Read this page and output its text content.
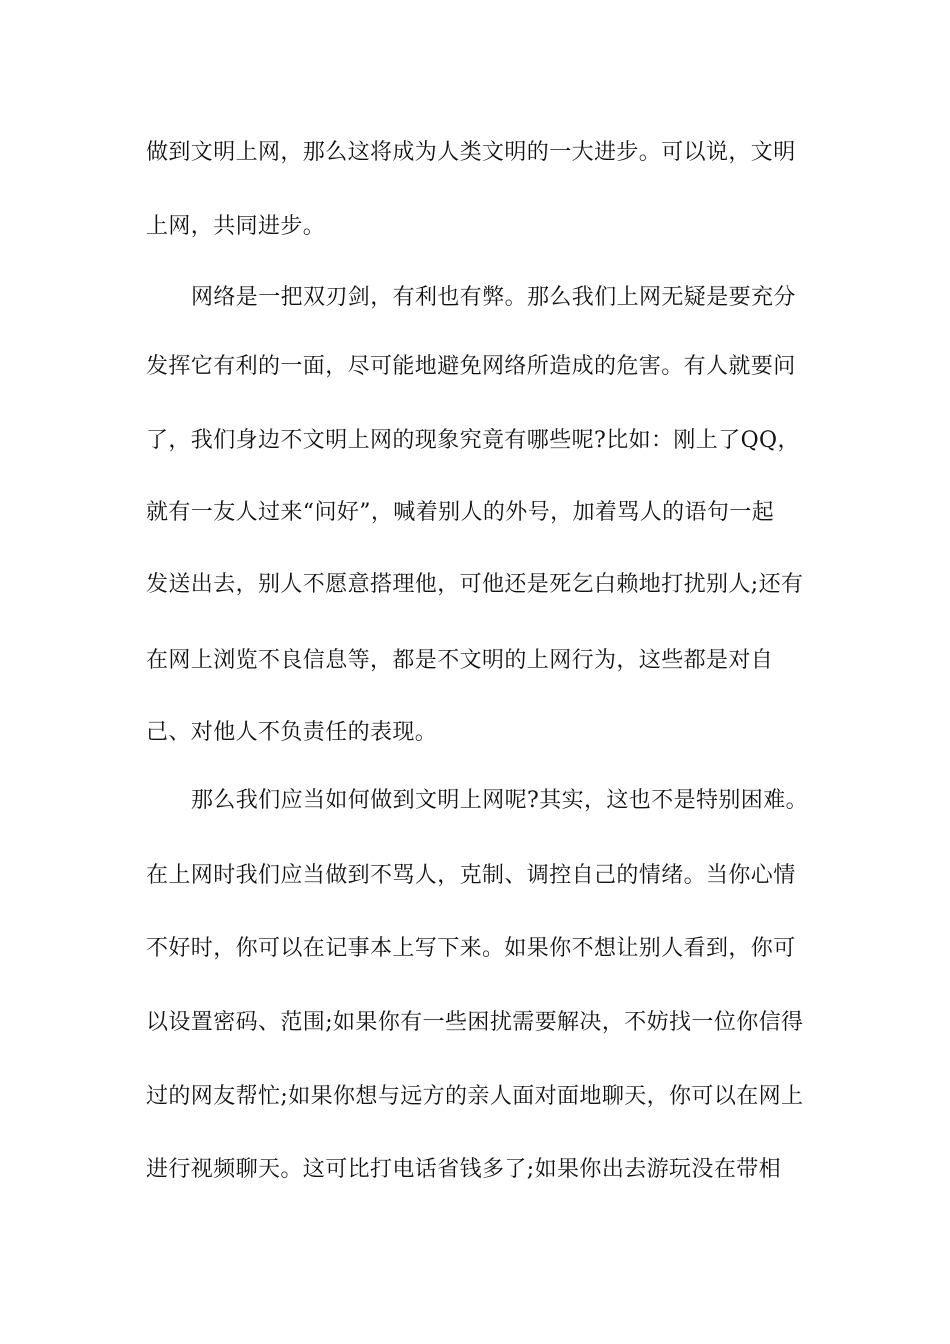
做到文明上网，那么这将成为人类文明的一大进步。可以说，文明

上网，共同进步。

网络是一把双刃剑，有利也有弊。那么我们上网无疑是要充分

发挥它有利的一面，尽可能地避免网络所造成的危害。有人就要问

了，我们身边不文明上网的现象究竟有哪些呢?比如：刚上了QQ，

就有一友人过来“问好”，喊着别人的外号，加着骂人的语句一起

发送出去，别人不愿意搭理他，可他还是死乞白赖地打扰别人;还有

在网上浏览不良信息等，都是不文明的上网行为，这些都是对自

己、对他人不负责任的表现。

那么我们应当如何做到文明上网呢?其实，这也不是特别困难。

在上网时我们应当做到不骂人，克制、调控自己的情绪。当你心情

不好时，你可以在记事本上写下来。如果你不想让别人看到，你可

以设置密码、范围;如果你有一些困扰需要解决，不妨找一位你信得

过的网友帮忙;如果你想与远方的亲人面对面地聊天，你可以在网上

进行视频聊天。这可比打电话省钱多了;如果你出去游玩没在带相
